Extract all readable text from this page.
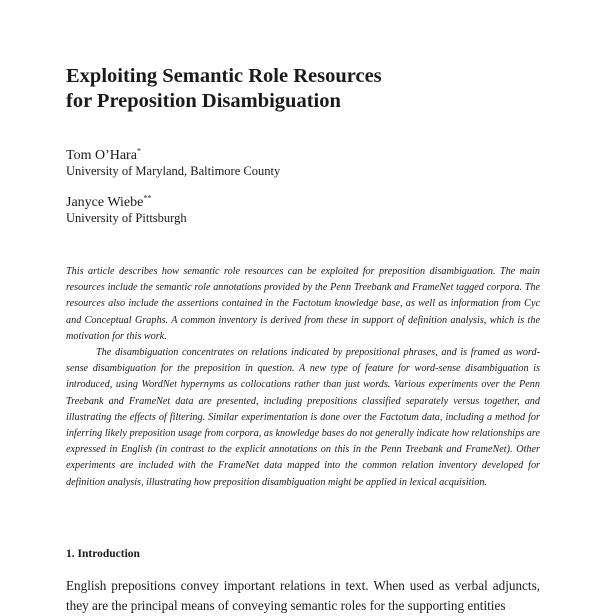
Exploiting Semantic Role Resources
for Preposition Disambiguation
Tom O’Hara*
University of Maryland, Baltimore County
Janyce Wiebe**
University of Pittsburgh

This article describes how semantic role resources can be exploited for preposition disambiguation. The main resources include the semantic role annotations provided by the Penn Treebank and FrameNet tagged corpora. The resources also include the assertions contained in the Factotum knowledge base, as well as information from Cyc and Conceptual Graphs. A common inventory is derived from these in support of definition analysis, which is the motivation for this work.

The disambiguation concentrates on relations indicated by prepositional phrases, and is framed as word-sense disambiguation for the preposition in question. A new type of feature for word-sense disambiguation is introduced, using WordNet hypernyms as collocations rather than just words. Various experiments over the Penn Treebank and FrameNet data are presented, including prepositions classified separately versus together, and illustrating the effects of filtering. Similar experimentation is done over the Factotum data, including a method for inferring likely preposition usage from corpora, as knowledge bases do not generally indicate how relationships are expressed in English (in contrast to the explicit annotations on this in the Penn Treebank and FrameNet). Other experiments are included with the FrameNet data mapped into the common relation inventory developed for definition analysis, illustrating how preposition disambiguation might be applied in lexical acquisition.

1. Introduction

English prepositions convey important relations in text. When used as verbal adjuncts, they are the principal means of conveying semantic roles for the supporting entities
